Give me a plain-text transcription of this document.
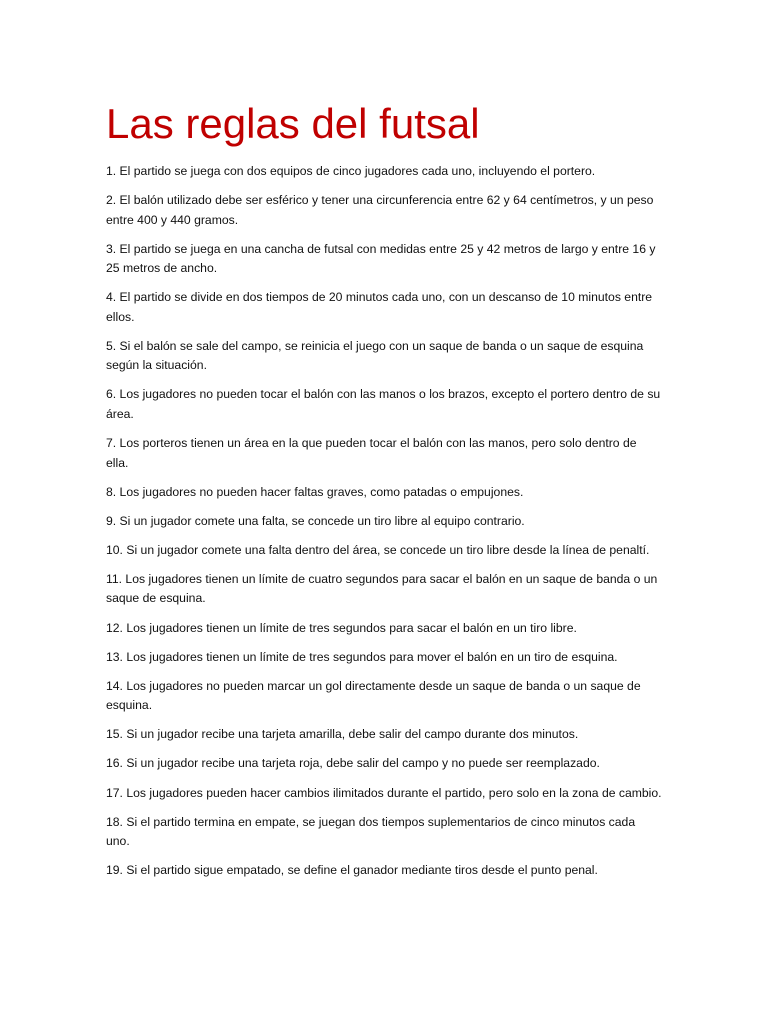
Las reglas del futsal
1. El partido se juega con dos equipos de cinco jugadores cada uno, incluyendo el portero.
2. El balón utilizado debe ser esférico y tener una circunferencia entre 62 y 64 centímetros, y un peso entre 400 y 440 gramos.
3. El partido se juega en una cancha de futsal con medidas entre 25 y 42 metros de largo y entre 16 y 25 metros de ancho.
4. El partido se divide en dos tiempos de 20 minutos cada uno, con un descanso de 10 minutos entre ellos.
5. Si el balón se sale del campo, se reinicia el juego con un saque de banda o un saque de esquina según la situación.
6. Los jugadores no pueden tocar el balón con las manos o los brazos, excepto el portero dentro de su área.
7. Los porteros tienen un área en la que pueden tocar el balón con las manos, pero solo dentro de ella.
8. Los jugadores no pueden hacer faltas graves, como patadas o empujones.
9. Si un jugador comete una falta, se concede un tiro libre al equipo contrario.
10. Si un jugador comete una falta dentro del área, se concede un tiro libre desde la línea de penaltí.
11. Los jugadores tienen un límite de cuatro segundos para sacar el balón en un saque de banda o un saque de esquina.
12. Los jugadores tienen un límite de tres segundos para sacar el balón en un tiro libre.
13. Los jugadores tienen un límite de tres segundos para mover el balón en un tiro de esquina.
14. Los jugadores no pueden marcar un gol directamente desde un saque de banda o un saque de esquina.
15. Si un jugador recibe una tarjeta amarilla, debe salir del campo durante dos minutos.
16. Si un jugador recibe una tarjeta roja, debe salir del campo y no puede ser reemplazado.
17. Los jugadores pueden hacer cambios ilimitados durante el partido, pero solo en la zona de cambio.
18. Si el partido termina en empate, se juegan dos tiempos suplementarios de cinco minutos cada uno.
19. Si el partido sigue empatado, se define el ganador mediante tiros desde el punto penal.
